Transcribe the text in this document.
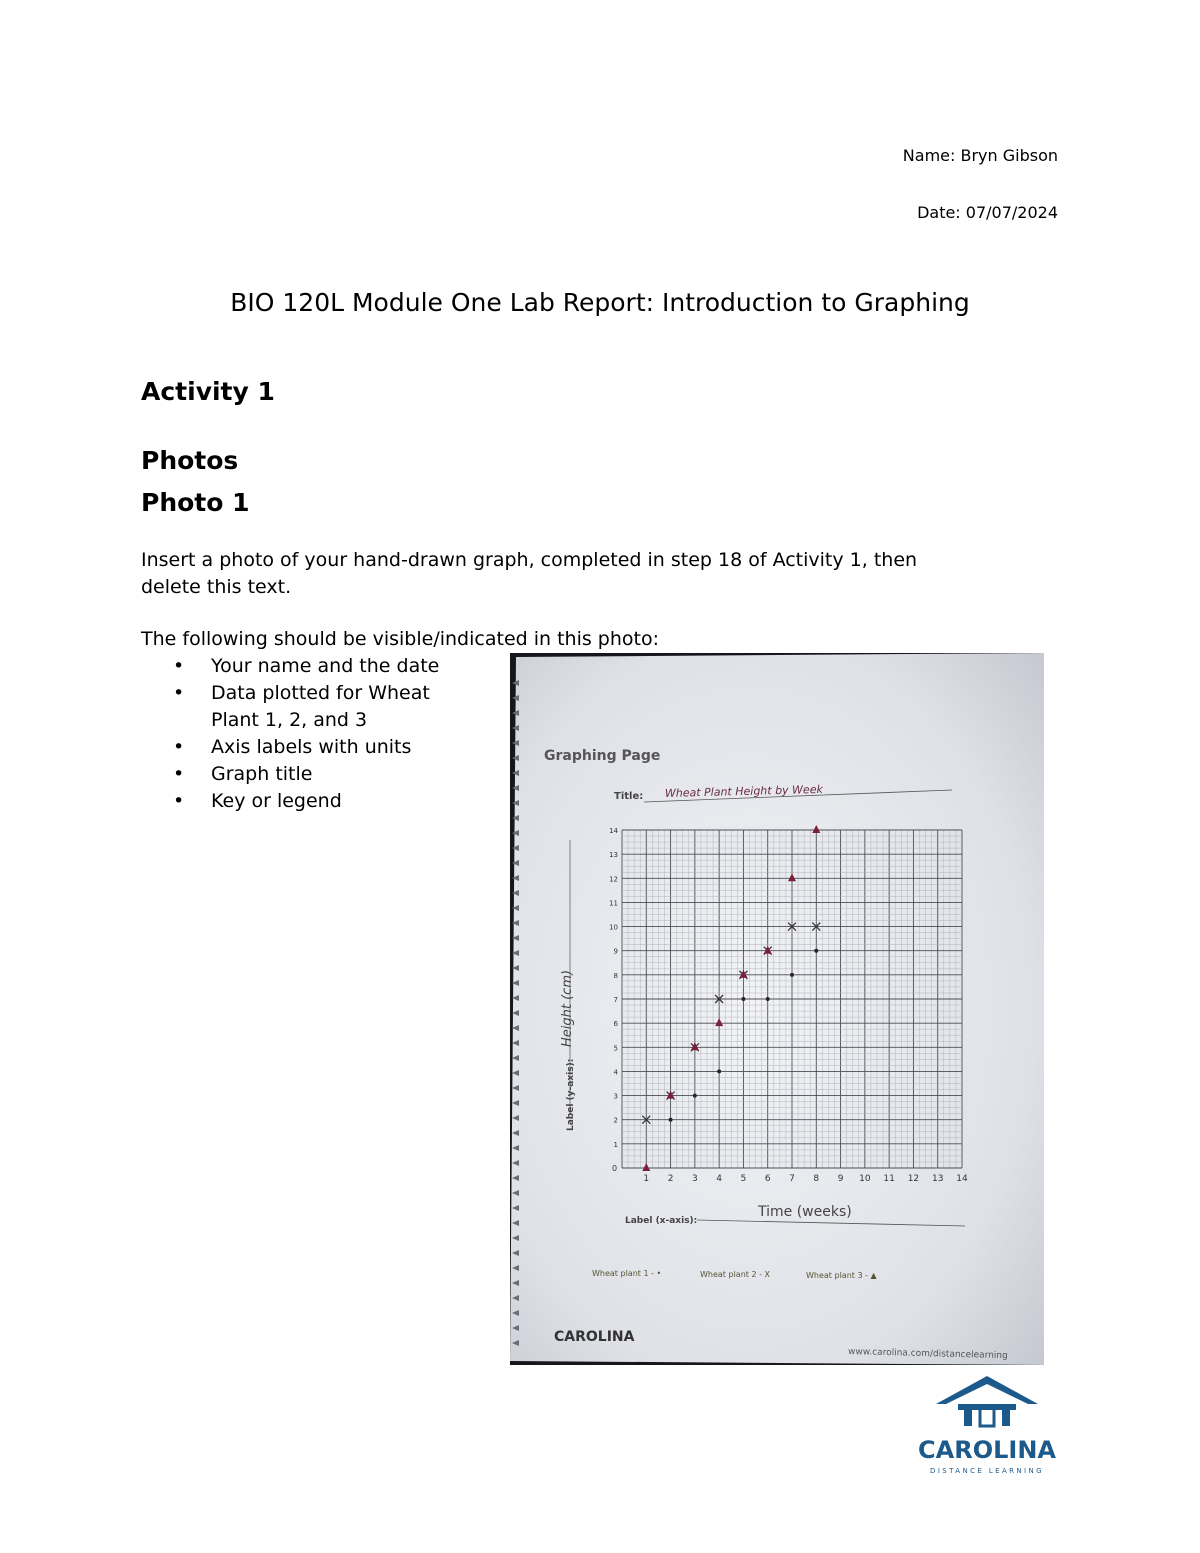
Name: Bryn Gibson
Date: 07/07/2024
BIO 120L Module One Lab Report: Introduction to Graphing
Activity 1
Photos
Photo 1
Insert a photo of your hand-drawn graph, completed in step 18 of Activity 1, then
delete this text.
The following should be visible/indicated in this photo:
• Your name and the date
• Data plotted for Wheat
Plant 1, 2, and 3
• Axis labels with units
• Graph title
• Key or legend
Graphing Page
Title: Wheat Plant Height by Week
0
1 2 3 4 5 6 7 8 9 10 11 12 13 14
1
2
3
4
5
6
7
8
9
10
11
12
13
14
Label (y-axis):
Height (cm)
Label (x-axis):
Time (weeks)
Wheat plant 1 - •	Wheat plant 2 - X	Wheat plant 3 - ▲
CAROLINA
www.carolina.com/distancelearning
CAROLINA
DISTANCE LEARNING
